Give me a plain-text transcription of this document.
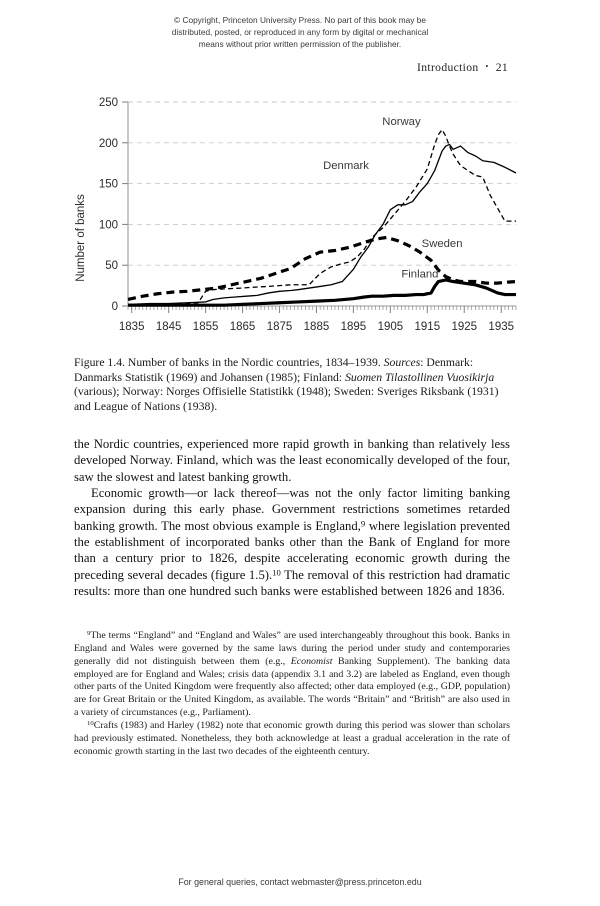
© Copyright, Princeton University Press. No part of this book may be
distributed, posted, or reproduced in any form by digital or mechanical
means without prior written permission of the publisher.
Introduction • 21
0
50
100
150
200
250
1835 1845 1855 1865 1875 1885 1895 1905 1915 1925 1935
Norway
Denmark
Sweden
Finland
Number of banks
Figure 1.4. Number of banks in the Nordic countries, 1834–1939. Sources: Denmark: Danmarks Statistik (1969) and Johansen (1985); Finland: Suomen Tilastollinen Vuosikirja (various); Norway: Norges Offisielle Statistikk (1948); Sweden: Sveriges Riksbank (1931) and League of Nations (1938).

the Nordic countries, experienced more rapid growth in banking than relatively less developed Norway. Finland, which was the least economically developed of the four, saw the slowest and latest banking growth.

Economic growth—or lack thereof—was not the only factor limiting banking expansion during this early phase. Government restrictions sometimes retarded banking growth. The most obvious example is England,$^9$ where legislation prevented the establishment of incorporated banks other than the Bank of England for more than a century prior to 1826, despite accelerating economic growth during the preceding several decades (figure 1.5).$^{10}$ The removal of this restriction had dramatic results: more than one hundred such banks were established between 1826 and 1836.

$^9$The terms “England” and “England and Wales” are used interchangeably throughout this book. Banks in England and Wales were governed by the same laws during the period under study and contemporaries generally did not distinguish between them (e.g., Economist Banking Supplement). The banking data employed are for England and Wales; crisis data (appendix 3.1 and 3.2) are labeled as England, even though other parts of the United Kingdom were frequently also affected; other data employed (e.g., GDP, population) are for Great Britain or the United Kingdom, as available. The words “Britain” and “British” are also used in a variety of circumstances (e.g., Parliament).

$^{10}$Crafts (1983) and Harley (1982) note that economic growth during this period was slower than scholars had previously estimated. Nonetheless, they both acknowledge at least a gradual acceleration in the rate of economic growth starting in the last two decades of the eighteenth century.

For general queries, contact webmaster@press.princeton.edu
